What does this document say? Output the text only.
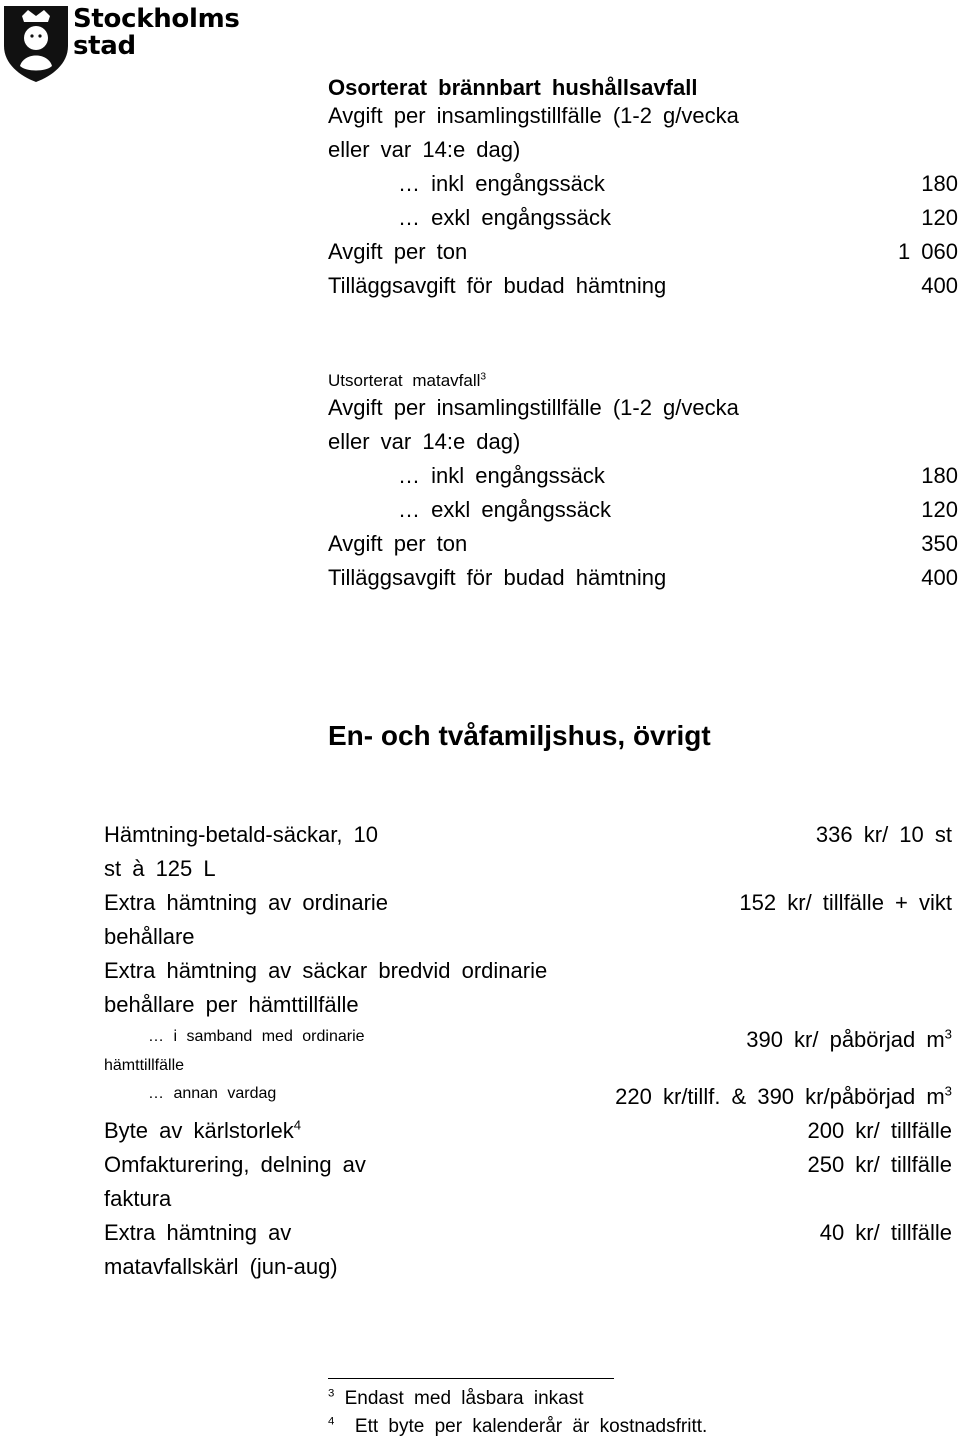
Stockholms
stad
Osorterat brännbart hushållsavfall
Avgift per insamlingstillfälle (1-2 g/vecka
eller var 14:e dag)
… inkl engångssäck	180
… exkl engångssäck	120
Avgift per ton	1 060
Tilläggsavgift för budad hämtning	400
Utsorterat matavfall$^3$
Avgift per insamlingstillfälle (1-2 g/vecka
eller var 14:e dag)
… inkl engångssäck	180
… exkl engångssäck	120
Avgift per ton	350
Tilläggsavgift för budad hämtning	400
En- och tvåfamiljshus, övrigt
Hämtning-betald-säckar, 10	336 kr/ 10 st
st à 125 L
Extra hämtning av ordinarie	152 kr/ tillfälle + vikt
behållare
Extra hämtning av säckar bredvid ordinarie
behållare per hämttillfälle
… i samband med ordinarie	390 kr/ påbörjad $m^3$
hämttillfälle
… annan vardag	220 kr/tillf. & 390 kr/påbörjad $m^3$
Byte av kärlstorlek$^4$	200 kr/ tillfälle
Omfakturering, delning av	250 kr/ tillfälle
faktura
Extra hämtning av	40 kr/ tillfälle
matavfallskärl (jun-aug)
$^3$ Endast med låsbara inkast
$^4$ Ett byte per kalenderår är kostnadsfritt.
